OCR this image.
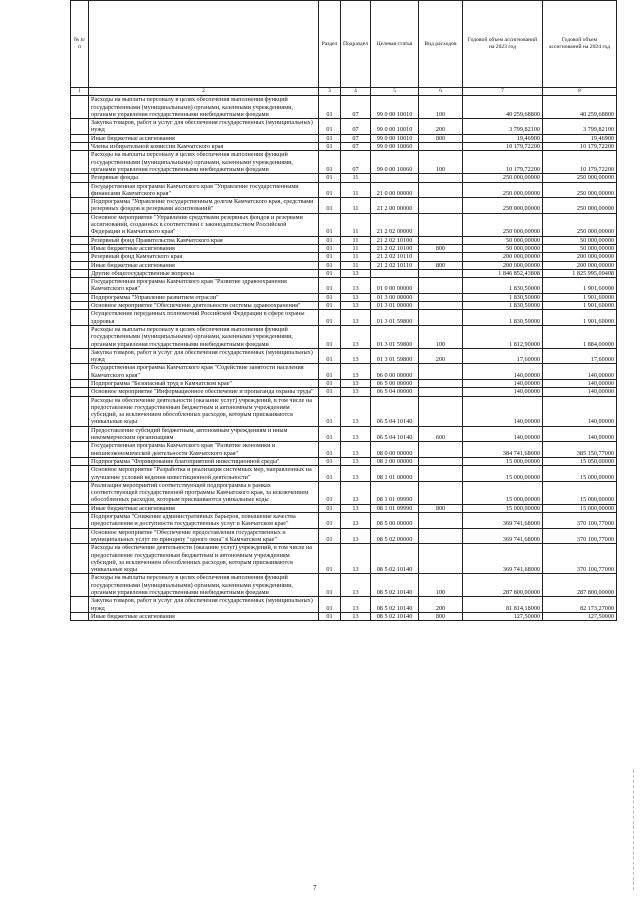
№ п/п		Раздел	Подраздел	Целевая статья	Вид расходов	Годовой объем ассигнований на 2023 год	Годовой объем ассигнований на 2024 год
1	2	3	4	5	6	7	8
	Расходы на выплаты персоналу в целях обеспечения выполнения функций государственными (муниципальными) органами, казенными учреждениями, органами управления государственными внебюджетными фондами	01	07	99 0 00 10010	100	40 259,68800	40 259,68800
	Закупка товаров, работ и услуг для обеспечения государственных (муниципальных) нужд	01	07	99 0 00 10010	200	3 799,82100	3 799,82100
	Иные бюджетные ассигнования	01	07	99 0 00 10010	800	19,46900	19,46900
	Члены избирательной комиссии Камчатского края	01	07	99 0 00 10060		10 179,72200	10 179,72200
	Расходы на выплаты персоналу в целях обеспечения выполнения функций государственными (муниципальными) органами, казенными учреждениями, органами управления государственными внебюджетными фондами	01	07	99 0 00 10060	100	10 179,72200	10 179,72200
	Резервные фонды	01	11			250 000,00000	250 000,00000
	Государственная программа Камчатского края "Управление государственными финансами Камчатского края"	01	11	21 0 00 00000		250 000,00000	250 000,00000
	Подпрограмма "Управление государственным долгом Камчатского края, средствами резервных фондов и резервами ассигнований"	01	11	21 2 00 00000		250 000,00000	250 000,00000
	Основное мероприятие "Управление средствами резервных фондов и резервами ассигнований, созданных в соответствии с законодательством Российской Федерации и Камчатского края"	01	11	21 2 02 00000		250 000,00000	250 000,00000
	Резервный фонд Правительства Камчатского края	01	11	21 2 02 10100		50 000,00000	50 000,00000
	Иные бюджетные ассигнования	01	11	21 2 02 10100	800	50 000,00000	50 000,00000
	Резервный фонд Камчатского края	01	11	21 2 02 10110		200 000,00000	200 000,00000
	Иные бюджетные ассигнования	01	11	21 2 02 10110	800	200 000,00000	200 000,00000
	Другие общегосударственные вопросы	01	13			1 846 852,43808	1 825 995,09408
	Государственная программа Камчатского края "Развитие здравоохранения Камчатского края"	01	13	01 0 00 00000		1 830,50000	1 901,60000
	Подпрограмма "Управление развитием отрасли"	01	13	01 3 00 00000		1 830,50000	1 901,60000
	Основное мероприятие "Обеспечение деятельности системы здравоохранения"	01	13	01 3 01 00000		1 830,50000	1 901,60000
	Осуществление переданных полномочий Российской Федерации в сфере охраны здоровья	01	13	01 3 01 59800		1 830,50000	1 901,60000
	Расходы на выплаты персоналу в целях обеспечения выполнения функций государственными (муниципальными) органами, казенными учреждениями, органами управления государственными внебюджетными фондами	01	13	01 3 01 59800	100	1 812,90000	1 884,00000
	Закупка товаров, работ и услуг для обеспечения государственных (муниципальных) нужд	01	13	01 3 01 59800	200	17,60000	17,60000
	Государственная программа Камчатского края "Содействие занятости населения Камчатского края"	01	13	06 0 00 00000		140,00000	140,00000
	Подпрограмма "Безопасный труд в Камчатском крае"	01	13	06 5 00 00000		140,00000	140,00000
	Основное мероприятие "Информационное обеспечение и пропаганда охраны труда"	01	13	06 5 04 00000		140,00000	140,00000
	Расходы на обеспечение деятельности (оказание услуг) учреждений, в том числе на предоставление государственным бюджетным и автономным учреждениям субсидий, за исключением обособленных расходов, которым присваиваются уникальные коды	01	13	06 5 04 10140		140,00000	140,00000
	Предоставление субсидий бюджетным, автономным учреждениям и иным некоммерческим организациям	01	13	06 5 04 10140	600	140,00000	140,00000
	Государственная программа Камчатского края "Развитие экономики и внешнеэкономической деятельности Камчатского края"	01	13	08 0 00 00000		384 741,68000	385 150,77000
	Подпрограмма "Формирование благоприятной инвестиционной среды"	01	13	08 1 00 00000		15 000,00000	15 050,00000
	Основное мероприятие "Разработка и реализация системных мер, направленных на улучшение условий ведения инвестиционной деятельности"	01	13	08 1 01 00000		15 000,00000	15 000,00000
	Реализация мероприятий соответствующей подпрограммы в рамках соответствующей государственной программы Камчатского края, за исключением обособленных расходов, которым присваиваются уникальные коды	01	13	08 1 01 09990		15 000,00000	15 000,00000
	Иные бюджетные ассигнования	01	13	08 1 01 09990	800	15 000,00000	15 000,00000
	Подпрограмма "Снижение административных барьеров, повышение качества предоставления и доступности государственных услуг в Камчатском крае"	01	13	08 5 00 00000		369 741,68000	370 100,77000
	Основное мероприятие "Обеспечение предоставления государственных и муниципальных услуг по принципу "одного окна" в Камчатском крае"	01	13	08 5 02 00000		369 741,68000	370 100,77000
	Расходы на обеспечение деятельности (оказание услуг) учреждений, в том числе на предоставление государственным бюджетным и автономным учреждениям субсидий, за исключением обособленных расходов, которым присваиваются уникальные коды	01	13	08 5 02 10140		369 741,68000	370 100,77000
	Расходы на выплаты персоналу в целях обеспечения выполнения функций государственными (муниципальными) органами, казенными учреждениями, органами управления государственными внебюджетными фондами	01	13	08 5 02 10140	100	287 800,00000	287 800,00000
	Закупка товаров, работ и услуг для обеспечения государственных (муниципальных) нужд	01	13	08 5 02 10140	200	81 814,18000	82 173,27000
	Иные бюджетные ассигнования	01	13	08 5 02 10140	800	127,50000	127,50000
7
